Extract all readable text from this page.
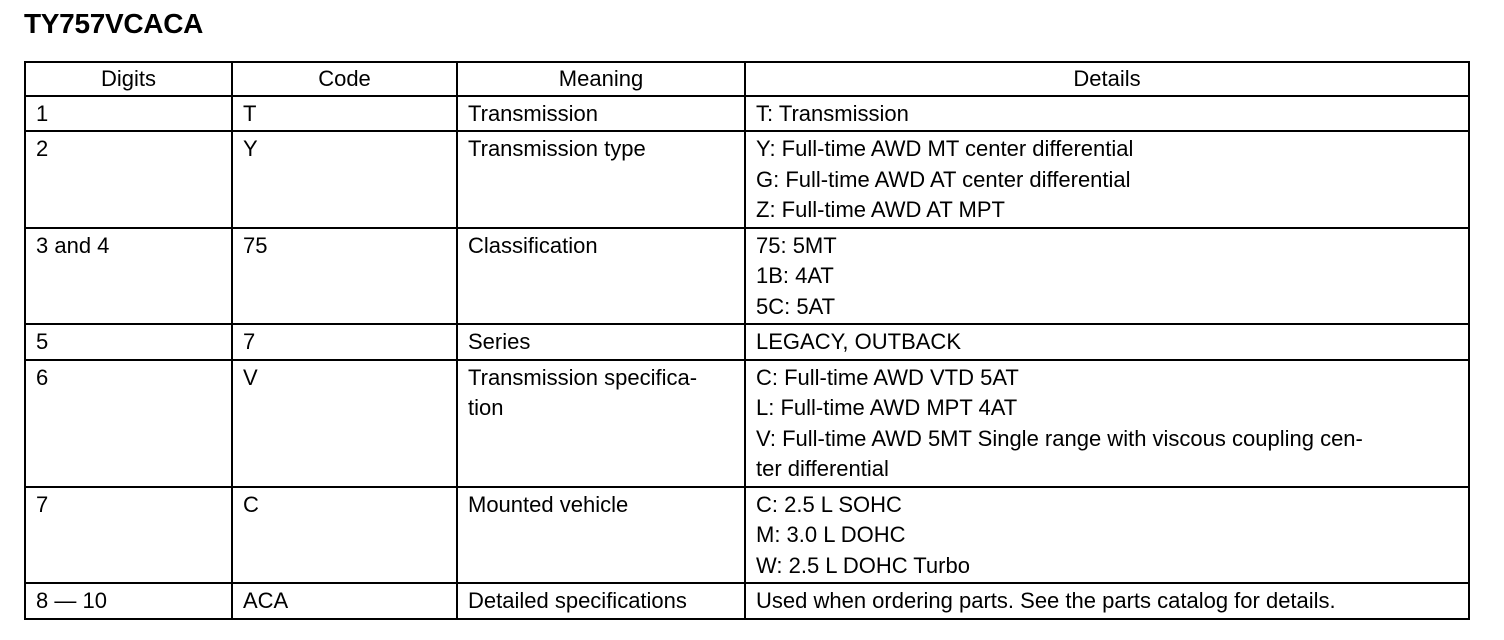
TY757VCACA
Digits	Code	Meaning	Details
1	T	Transmission	T: Transmission

2	Y	Transmission type	Y: Full-time AWD MT center differential
G: Full-time AWD AT center differential
Z: Full-time AWD AT MPT

3 and 4	75	Classification	75: 5MT
1B: 4AT
5C: 5AT

5	7	Series	LEGACY, OUTBACK

6	V	Transmission specifica-
tion	C: Full-time AWD VTD 5AT
L: Full-time AWD MPT 4AT
V: Full-time AWD 5MT Single range with viscous coupling cen-
ter differential

7	C	Mounted vehicle	C: 2.5 L SOHC
M: 3.0 L DOHC
W: 2.5 L DOHC Turbo

8 — 10	ACA	Detailed specifications	Used when ordering parts. See the parts catalog for details.
